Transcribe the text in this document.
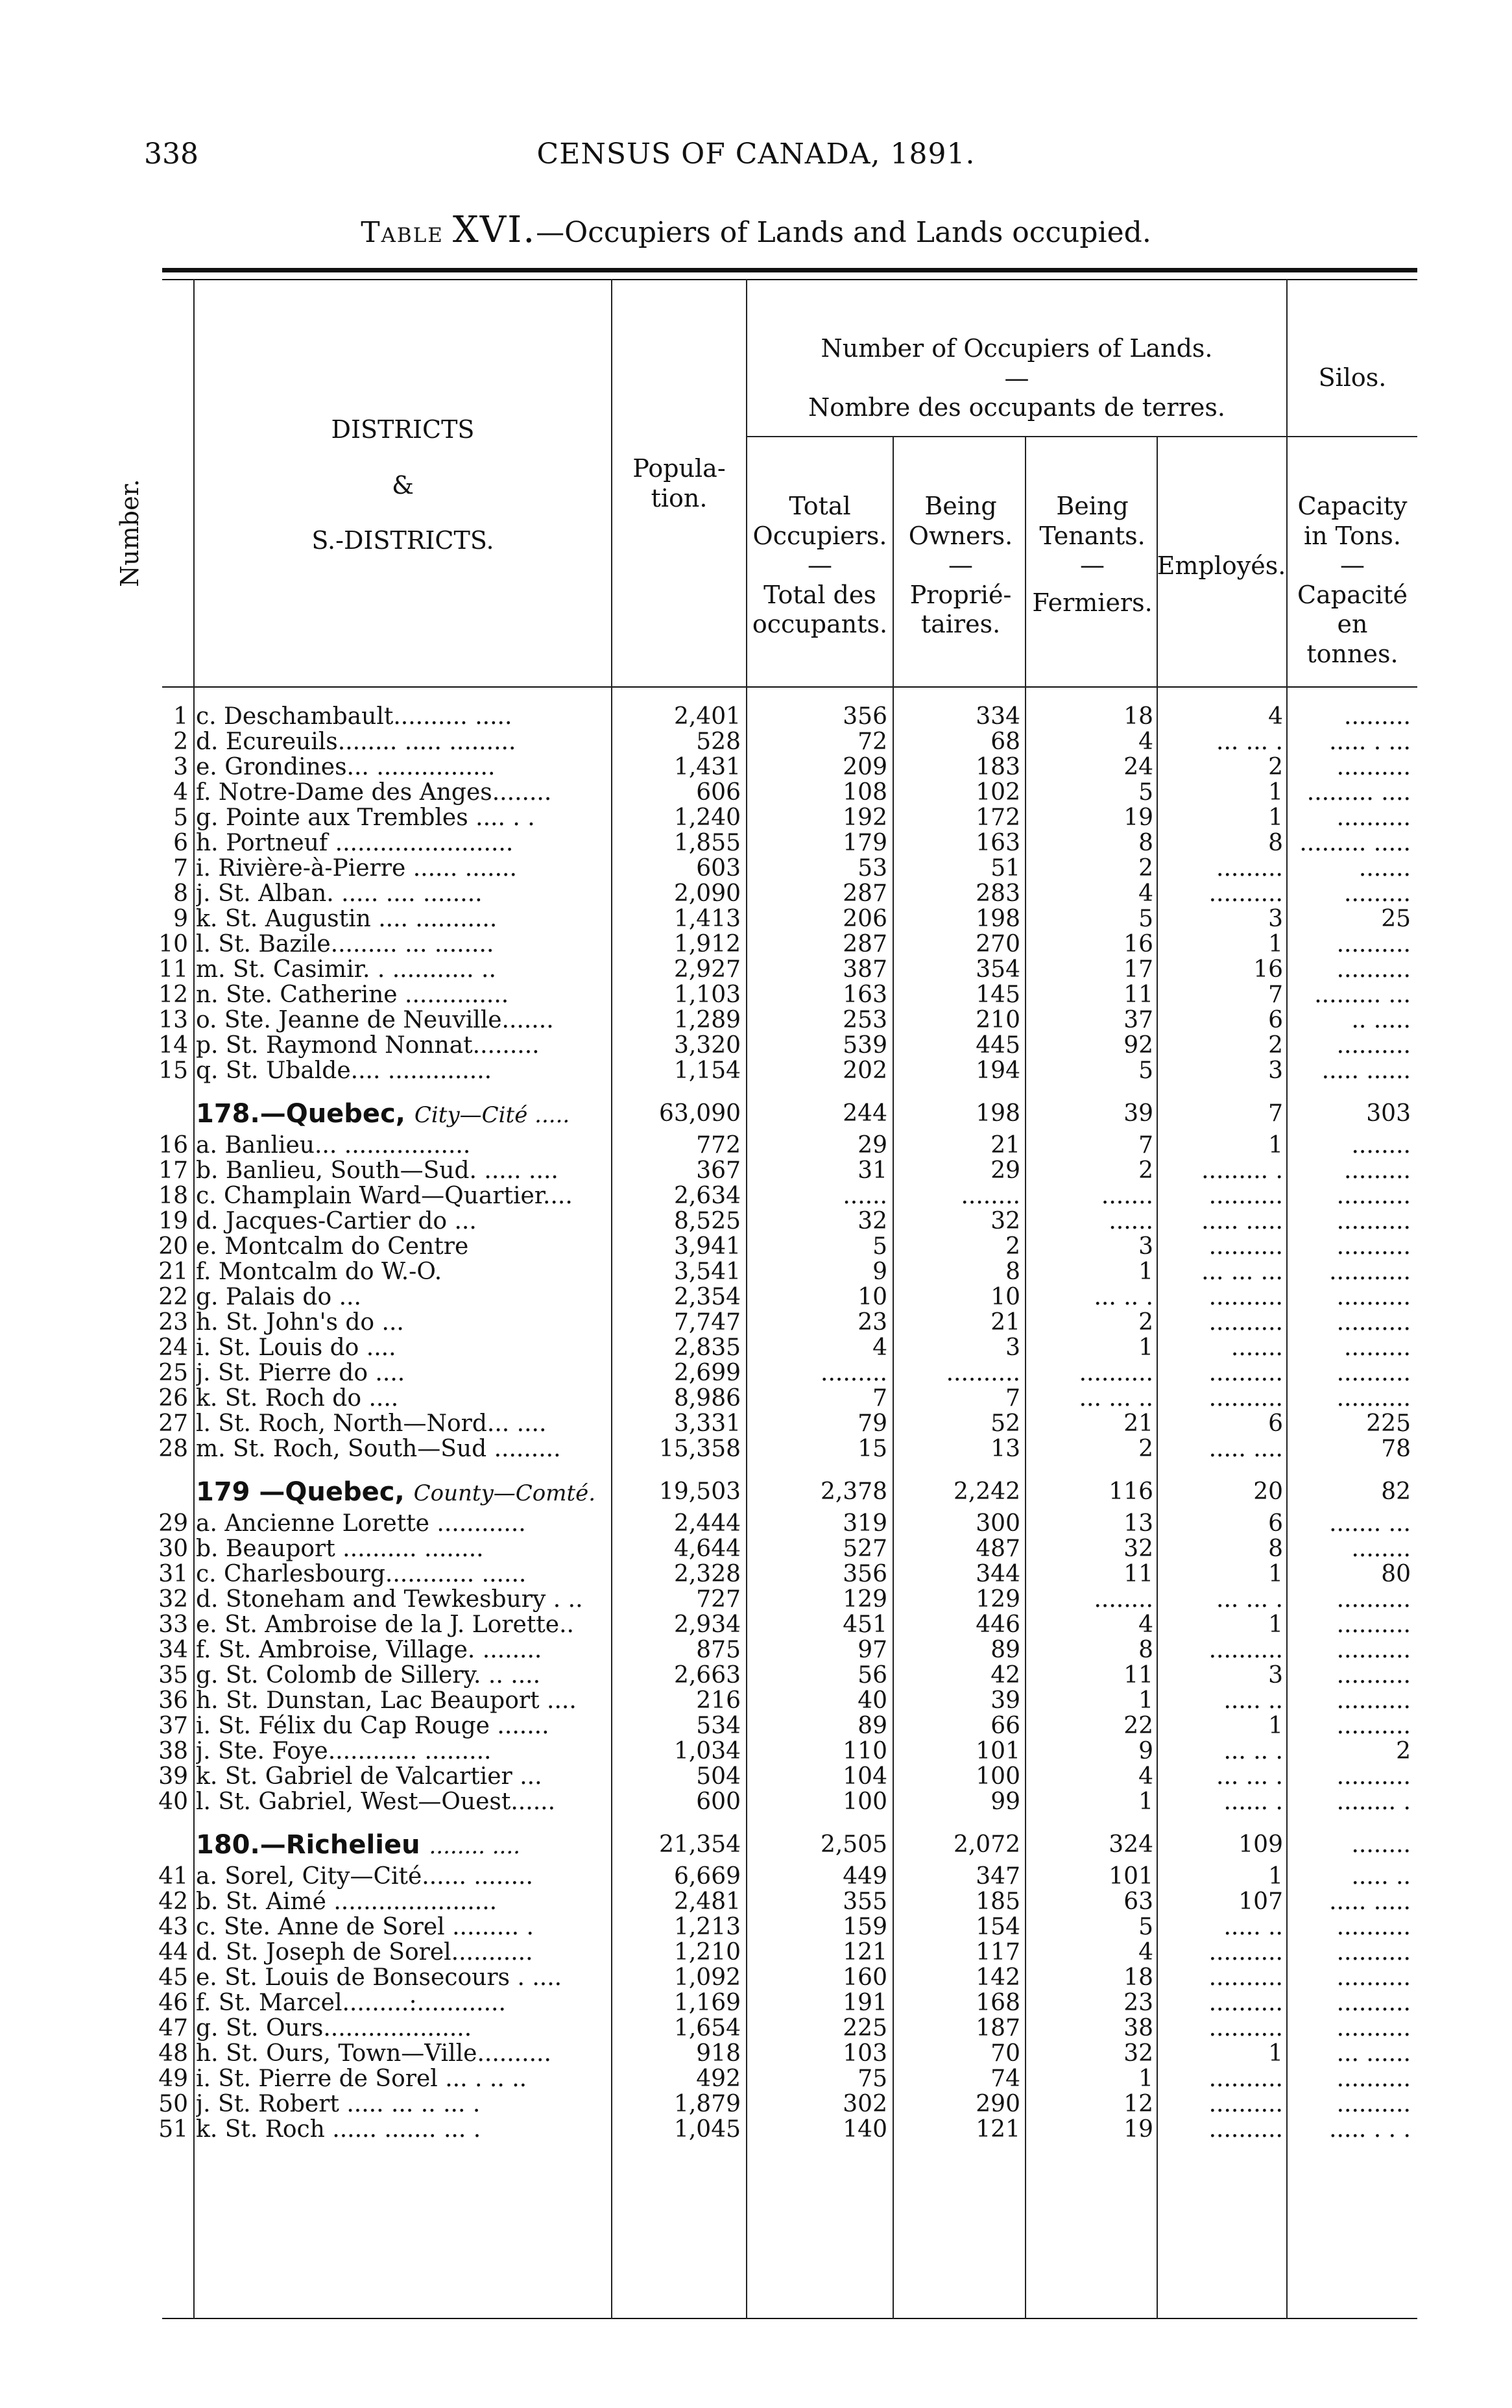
338	CENSUS OF CANADA, 1891.
Table XVI.—Occupiers of Lands and Lands occupied.
Number.
DISTRICTS
&
S.-DISTRICTS.
Popula-
tion.
Number of Occupiers of Lands.
—
Nombre des occupants de terres.
Silos.
Total
Occupiers.
—
Total des
occupants.
Being
Owners.
—
Proprié-
taires.
Being
Tenants.
—
Fermiers.
Employés.
Capacity
in Tons.
—
Capacité
en tonnes.
1 c. Deschambault.......... .....	2,401	356	334	18	4	.........
2 d. Ecureuils........ ..... .........	528	72	68	4	... ... .	..... . ...
3 e. Grondines... ................	1,431	209	183	24	2	..........
4 f. Notre-Dame des Anges........	606	108	102	5	1	......... ....
5 g. Pointe aux Trembles .... . .	1,240	192	172	19	1	..........
6 h. Portneuf ........................	1,855	179	163	8	8 ......... .....
7 i. Rivière-à-Pierre ...... .......	603	53	51	2	.........	.......
8 j. St. Alban. ..... .... ........	2,090	287	283	4	..........	.........
9 k. St. Augustin .... ...........	1,413	206	198	5	3	25
10 l. St. Bazile......... ... ........	1,912	287	270	16	1	..........
11 m. St. Casimir. . ........... ..	2,927	387	354	17	16	..........
12 n. Ste. Catherine ..............	1,103	163	145	11	7	......... ...
13 o. Ste. Jeanne de Neuville.......	1,289	253	210	37	6	.. .....
14 p. St. Raymond Nonnat.........	3,320	539	445	92	2	..........
15 q. St. Ubalde.... ..............	1,154	202	194	5	3	..... ......
178.—Quebec, City—Cité .....	63,090	244	198	39	7	303
16 a. Banlieu... .................	772	29	21	7	1	........
17 b. Banlieu, South—Sud. ..... ....	367	31	29	2	......... .	.........
18 c. Champlain Ward—Quartier....	2,634	......	........	.......	..........	..........
19 d. Jacques-Cartier do ...	8,525	32	32	......	..... .....	..........
20 e. Montcalm do Centre	3,941	5	2	3	..........	..........
21 f. Montcalm do W.-O.	3,541	9	8	1	... ... ...	...........
22 g. Palais do ...	2,354	10	10	... .. .	..........	..........
23 h. St. John's do ...	7,747	23	21	2	..........	..........
24 i. St. Louis do ....	2,835	4	3	1	.......	.........
25 j. St. Pierre do ....	2,699	.........	..........	..........	..........	..........
26 k. St. Roch do ....	8,986	7	7	... ... ..	..........	..........
27 l. St. Roch, North—Nord... ....	3,331	79	52	21	6	225
28 m. St. Roch, South—Sud .........	15,358	15	13	2	..... ....	78
179 —Quebec, County—Comté.	19,503	2,378	2,242	116	20	82
29 a. Ancienne Lorette ............	2,444	319	300	13	6	....... ...
30 b. Beauport .......... ........	4,644	527	487	32	8	........
31 c. Charlesbourg............ ......	2,328	356	344	11	1	80
32 d. Stoneham and Tewkesbury . ..	727	129	129	........	... ... .	..........
33 e. St. Ambroise de la J. Lorette..	2,934	451	446	4	1	..........
34 f. St. Ambroise, Village. ........	875	97	89	8	..........	..........
35 g. St. Colomb de Sillery. .. ....	2,663	56	42	11	3	..........
36 h. St. Dunstan, Lac Beauport ....	216	40	39	1	..... ..	..........
37 i. St. Félix du Cap Rouge .......	534	89	66	22	1	..........
38 j. Ste. Foye............ .........	1,034	110	101	9	... .. .	2
39 k. St. Gabriel de Valcartier ...	504	104	100	4	... ... .	..........
40 l. St. Gabriel, West—Ouest......	600	100	99	1	...... .	........ .
180.—Richelieu ........ ....	21,354	2,505	2,072	324	109	........
41 a. Sorel, City—Cité...... ........	6,669	449	347	101	1	..... ..
42 b. St. Aimé ......................	2,481	355	185	63	107	..... .....
43 c. Ste. Anne de Sorel ......... .	1,213	159	154	5	..... ..	..........
44 d. St. Joseph de Sorel...........	1,210	121	117	4	..........	..........
45 e. St. Louis de Bonsecours . ....	1,092	160	142	18	..........	..........
46 f. St. Marcel.........:............	1,169	191	168	23	..........	..........
47 g. St. Ours....................	1,654	225	187	38	..........	..........
48 h. St. Ours, Town—Ville..........	918	103	70	32	1	... ......
49 i. St. Pierre de Sorel ... . .. ..	492	75	74	1	..........	..........
50 j. St. Robert ..... ... .. ... .	1,879	302	290	12	..........	..........
51 k. St. Roch ...... ....... ... .	1,045	140	121	19	..........	..... . . .
